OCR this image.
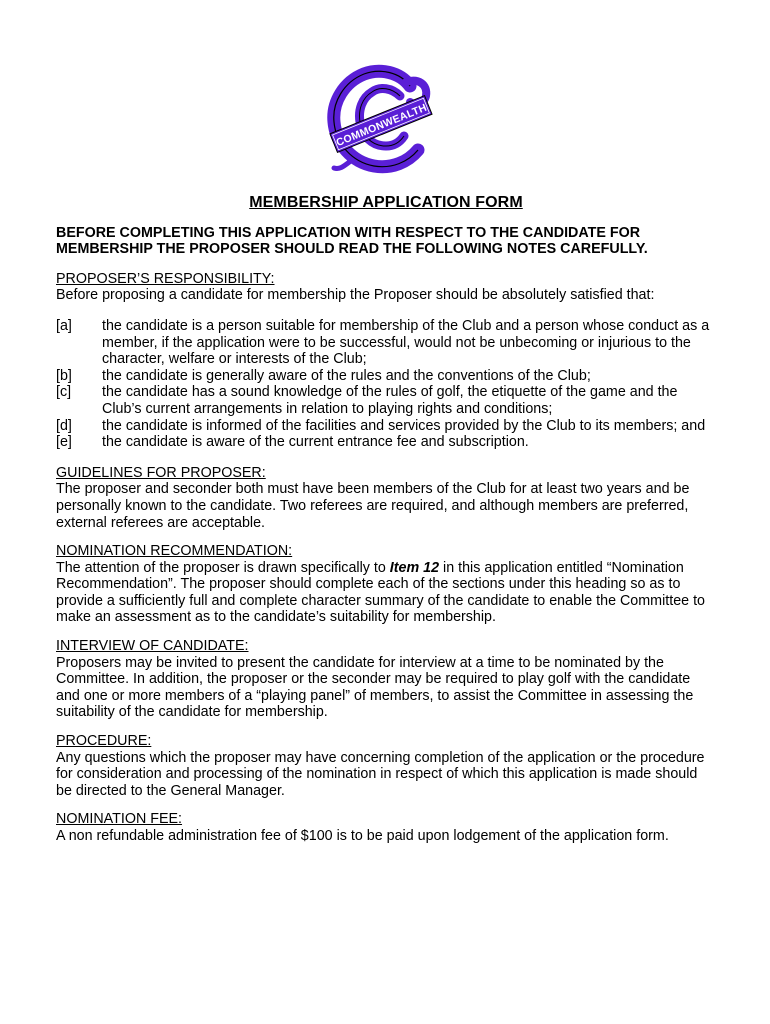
COMMONWEALTH
MEMBERSHIP APPLICATION FORM
BEFORE COMPLETING THIS APPLICATION WITH RESPECT TO THE CANDIDATE FOR MEMBERSHIP THE PROPOSER SHOULD READ THE FOLLOWING NOTES CAREFULLY.
PROPOSER’S RESPONSIBILITY:
Before proposing a candidate for membership the Proposer should be absolutely satisfied that:
[a]	the candidate is a person suitable for membership of the Club and a person whose conduct as a member, if the application were to be successful, would not be unbecoming or injurious to the character, welfare or interests of the Club;
[b]	the candidate is generally aware of the rules and the conventions of the Club;
[c]	the candidate has a sound knowledge of the rules of golf, the etiquette of the game and the Club’s current arrangements in relation to playing rights and conditions;
[d]	the candidate is informed of the facilities and services provided by the Club to its members; and
[e]	the candidate is aware of the current entrance fee and subscription.
GUIDELINES FOR PROPOSER:
The proposer and seconder both must have been members of the Club for at least two years and be personally known to the candidate. Two referees are required, and although members are preferred, external referees are acceptable.
NOMINATION RECOMMENDATION:
The attention of the proposer is drawn specifically to Item 12 in this application entitled “Nomination Recommendation”. The proposer should complete each of the sections under this heading so as to provide a sufficiently full and complete character summary of the candidate to enable the Committee to make an assessment as to the candidate’s suitability for membership.
INTERVIEW OF CANDIDATE:
Proposers may be invited to present the candidate for interview at a time to be nominated by the Committee. In addition, the proposer or the seconder may be required to play golf with the candidate and one or more members of a “playing panel” of members, to assist the Committee in assessing the suitability of the candidate for membership.
PROCEDURE:
Any questions which the proposer may have concerning completion of the application or the procedure for consideration and processing of the nomination in respect of which this application is made should be directed to the General Manager.
NOMINATION FEE:
A non refundable administration fee of $100 is to be paid upon lodgement of the application form.
